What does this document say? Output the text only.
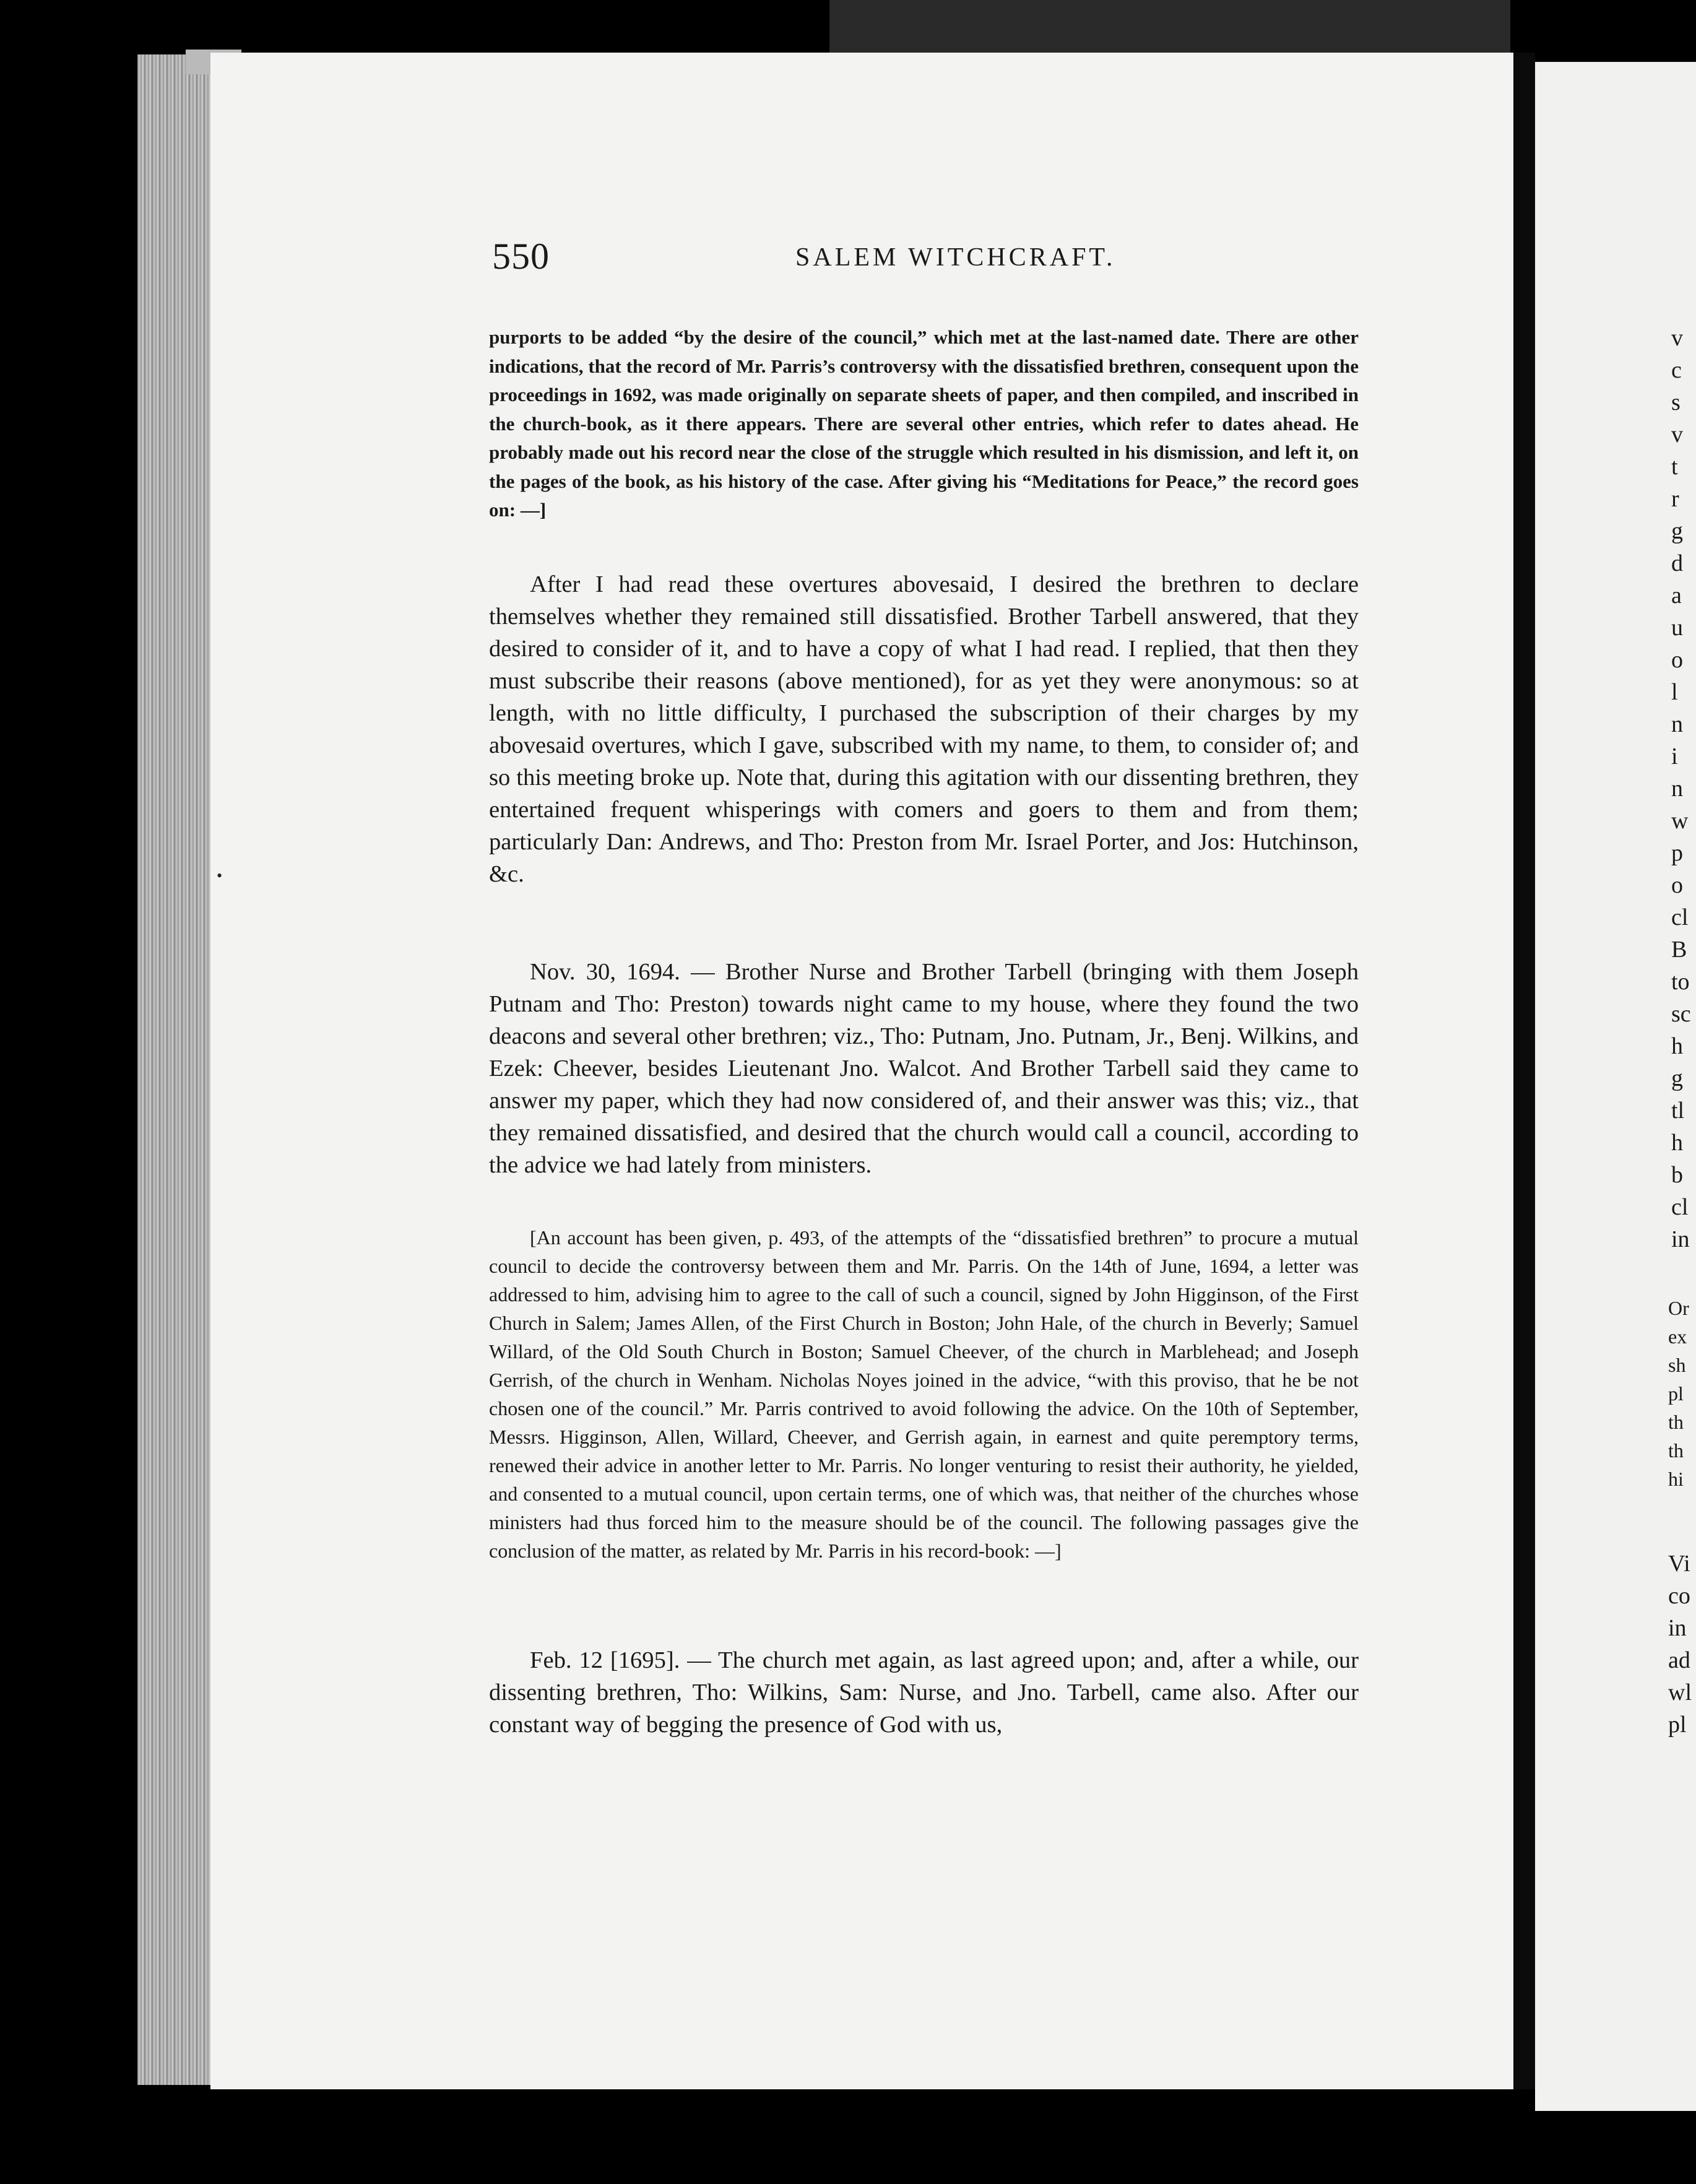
550	SALEM WITCHCRAFT.
purports to be added “by the desire of the council,” which met at the last-named date. There are other indications, that the record of Mr. Parris’s controversy with the dissatisfied brethren, consequent upon the proceedings in 1692, was made originally on separate sheets of paper, and then compiled, and inscribed in the church-book, as it there appears. There are several other entries, which refer to dates ahead. He probably made out his record near the close of the struggle which resulted in his dismission, and left it, on the pages of the book, as his history of the case. After giving his “Meditations for Peace,” the record goes on: —]
After I had read these overtures abovesaid, I desired the brethren to declare themselves whether they remained still dissatisfied. Brother Tarbell answered, that they desired to consider of it, and to have a copy of what I had read. I replied, that then they must subscribe their reasons (above mentioned), for as yet they were anonymous: so at length, with no little difficulty, I purchased the subscription of their charges by my abovesaid overtures, which I gave, subscribed with my name, to them, to consider of; and so this meeting broke up. Note that, during this agitation with our dissenting brethren, they entertained frequent whisperings with comers and goers to them and from them; particularly Dan: Andrews, and Tho: Preston from Mr. Israel Porter, and Jos: Hutchinson, &c.
Nov. 30, 1694. — Brother Nurse and Brother Tarbell (bringing with them Joseph Putnam and Tho: Preston) towards night came to my house, where they found the two deacons and several other brethren; viz., Tho: Putnam, Jno. Putnam, Jr., Benj. Wilkins, and Ezek: Cheever, besides Lieutenant Jno. Walcot. And Brother Tarbell said they came to answer my paper, which they had now considered of, and their answer was this; viz., that they remained dissatisfied, and desired that the church would call a council, according to the advice we had lately from ministers.
[An account has been given, p. 493, of the attempts of the “dissatisfied brethren” to procure a mutual council to decide the controversy between them and Mr. Parris. On the 14th of June, 1694, a letter was addressed to him, advising him to agree to the call of such a council, signed by John Higginson, of the First Church in Salem; James Allen, of the First Church in Boston; John Hale, of the church in Beverly; Samuel Willard, of the Old South Church in Boston; Samuel Cheever, of the church in Marblehead; and Joseph Gerrish, of the church in Wenham. Nicholas Noyes joined in the advice, “with this proviso, that he be not chosen one of the council.” Mr. Parris contrived to avoid following the advice. On the 10th of September, Messrs. Higginson, Allen, Willard, Cheever, and Gerrish again, in earnest and quite peremptory terms, renewed their advice in another letter to Mr. Parris. No longer venturing to resist their authority, he yielded, and consented to a mutual council, upon certain terms, one of which was, that neither of the churches whose ministers had thus forced him to the measure should be of the council. The following passages give the conclusion of the matter, as related by Mr. Parris in his record-book: —]
Feb. 12 [1695]. — The church met again, as last agreed upon; and, after a while, our dissenting brethren, Tho: Wilkins, Sam: Nurse, and Jno. Tarbell, came also. After our constant way of begging the presence of God with us,
v
c
s
v
t
r
g
d
a
u
o
l
n
i
n
w
p
o
cl
B
to
sc
h
g
tl
h
b
cl
in
Or
ex
sh
pl
th
th
hi
Vi
co
in
ad
wl
pl
•
